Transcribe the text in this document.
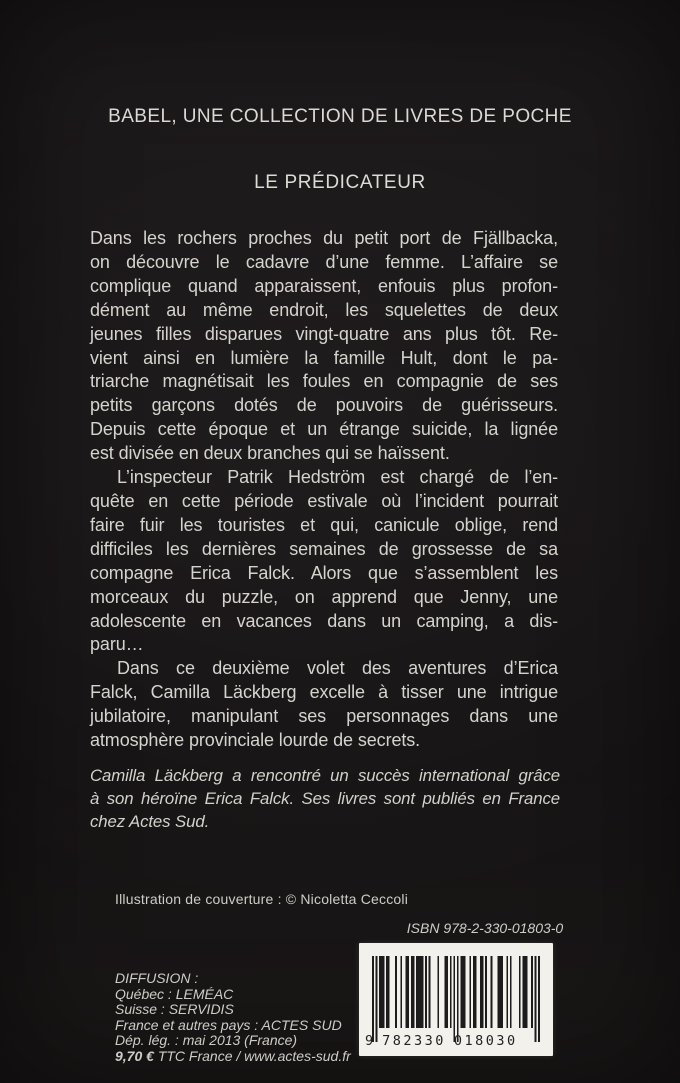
BABEL, UNE COLLECTION DE LIVRES DE POCHE
LE PRÉDICATEUR
Dans les rochers proches du petit port de Fjällbacka,
on découvre le cadavre d’une femme. L’affaire se
complique quand apparaissent, enfouis plus profon-
dément au même endroit, les squelettes de deux
jeunes filles disparues vingt-quatre ans plus tôt. Re-
vient ainsi en lumière la famille Hult, dont le pa-
triarche magnétisait les foules en compagnie de ses
petits garçons dotés de pouvoirs de guérisseurs.
Depuis cette époque et un étrange suicide, la lignée
est divisée en deux branches qui se haïssent.
L’inspecteur Patrik Hedström est chargé de l’en-
quête en cette période estivale où l’incident pourrait
faire fuir les touristes et qui, canicule oblige, rend
difficiles les dernières semaines de grossesse de sa
compagne Erica Falck. Alors que s’assemblent les
morceaux du puzzle, on apprend que Jenny, une
adolescente en vacances dans un camping, a dis-
paru…
Dans ce deuxième volet des aventures d’Erica
Falck, Camilla Läckberg excelle à tisser une intrigue
jubilatoire, manipulant ses personnages dans une
atmosphère provinciale lourde de secrets.
Camilla Läckberg a rencontré un succès international grâce
à son héroïne Erica Falck. Ses livres sont publiés en France
chez Actes Sud.
Illustration de couverture : © Nicoletta Ceccoli
ISBN 978-2-330-01803-0
DIFFUSION :
Québec : LEMÉAC
Suisse : SERVIDIS
France et autres pays : ACTES SUD
Dép. lég. : mai 2013 (France)
9,70 € TTC France / www.actes-sud.fr
9 782330 018030
